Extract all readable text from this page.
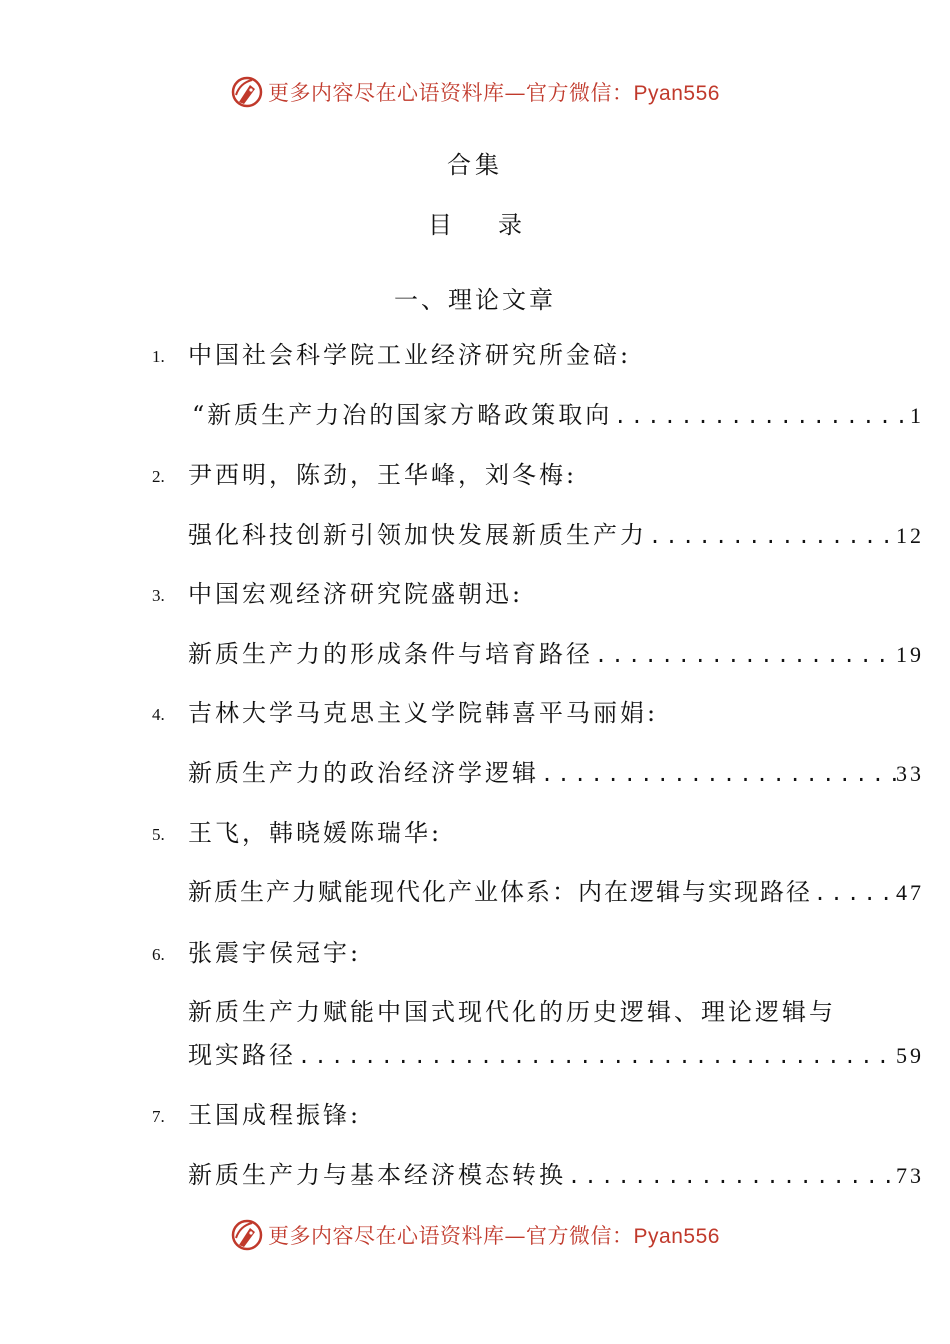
更多内容尽在心语资料库—官方微信：Pyan556
合集
目 录
一、理论文章
1. 中国社会科学院工业经济研究所金碚:
“新质生产力冶的国家方略政策取向 .....	1
2. 尹西明，陈劲，王华峰，刘冬梅:
强化科技创新引领加快发展新质生产力 .....	12
3. 中国宏观经济研究院盛朝迅:
新质生产力的形成条件与培育路径 .....	19
4. 吉林大学马克思主义学院韩喜平马丽娟:
新质生产力的政治经济学逻辑 .....	33
5. 王飞，韩晓媛陈瑞华:
新质生产力赋能现代化产业体系：内在逻辑与实现路径 .....	47
6. 张震宇侯冠宇:
新质生产力赋能中国式现代化的历史逻辑、理论逻辑与
现实路径 .....	59
7. 王国成程振锋:
新质生产力与基本经济模态转换 .....	73
更多内容尽在心语资料库—官方微信：Pyan556
